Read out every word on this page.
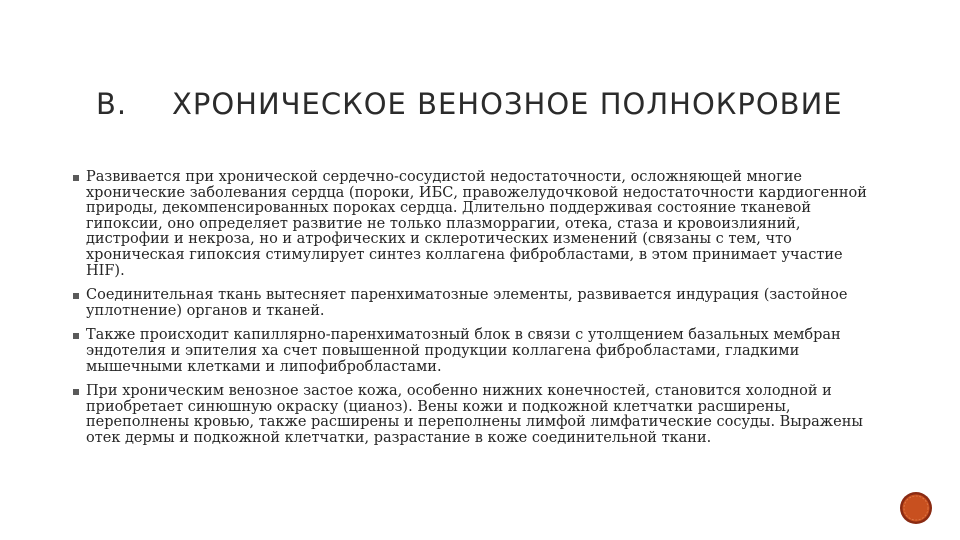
B.	ХРОНИЧЕСКОЕ ВЕНОЗНОЕ ПОЛНОКРОВИЕ
Развивается при хронической сердечно-сосудистой недостаточности, осложняющей многие хронические заболевания сердца (пороки, ИБС, правожелудочковой недостаточности кардиогенной природы, декомпенсированных пороках сердца. Длительно поддерживая состояние тканевой гипоксии, оно определяет развитие не только плазморрагии, отека, стаза и кровоизлияний, дистрофии и некроза, но и атрофических и склеротических изменений (связаны с тем, что хроническая гипоксия стимулирует синтез коллагена фибробластами, в этом принимает участие HIF).
Соединительная ткань вытесняет паренхиматозные элементы, развивается индурация (застойное уплотнение) органов и тканей.
Также происходит капиллярно-паренхиматозный блок в связи с утолщением базальных мембран эндотелия и эпителия ха счет повышенной продукции коллагена фибробластами, гладкими мышечными клетками и липофибробластами.
При хроническим венозное застое кожа, особенно нижних конечностей, становится холодной и приобретает синюшную окраску (цианоз). Вены кожи и подкожной клетчатки расширены, переполнены кровью, также расширены и переполнены лимфой лимфатические сосуды. Выражены отек дермы и подкожной клетчатки, разрастание в коже соединительной ткани.
